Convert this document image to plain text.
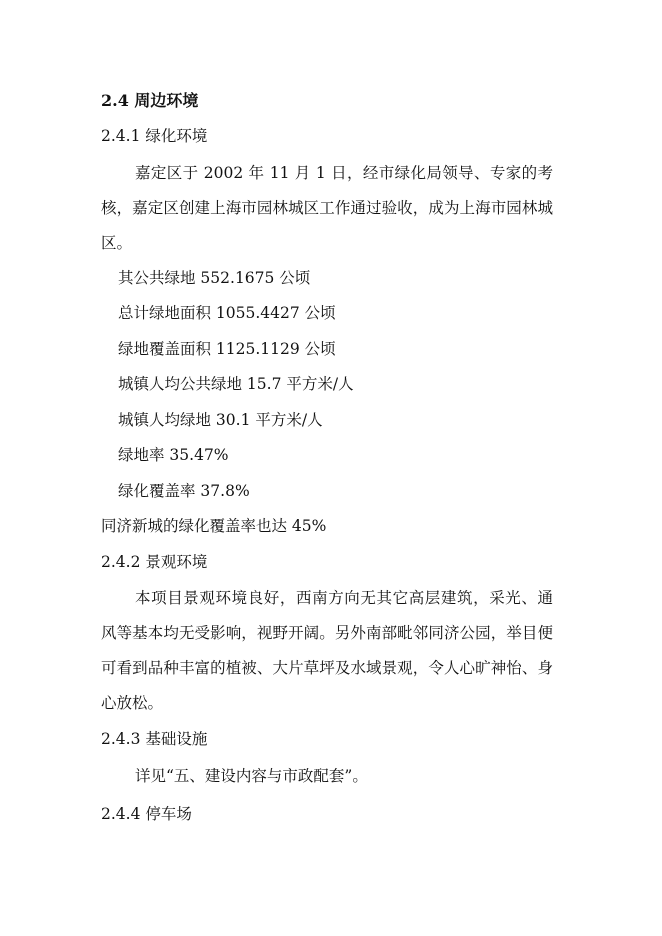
2.4 周边环境
2.4.1 绿化环境
嘉定区于 2002 年 11 月 1 日，经市绿化局领导、专家的考核，嘉定区创建上海市园林城区工作通过验收，成为上海市园林城区。
其公共绿地 552.1675 公顷
总计绿地面积 1055.4427 公顷
绿地覆盖面积 1125.1129 公顷
城镇人均公共绿地 15.7 平方米/人
城镇人均绿地 30.1 平方米/人
绿地率 35.47%
绿化覆盖率 37.8%
同济新城的绿化覆盖率也达 45%
2.4.2 景观环境
本项目景观环境良好，西南方向无其它高层建筑，采光、通风等基本均无受影响，视野开阔。另外南部毗邻同济公园，举目便可看到品种丰富的植被、大片草坪及水域景观，令人心旷神怡、身心放松。
2.4.3 基础设施
详见“五、建设内容与市政配套”。
2.4.4 停车场
